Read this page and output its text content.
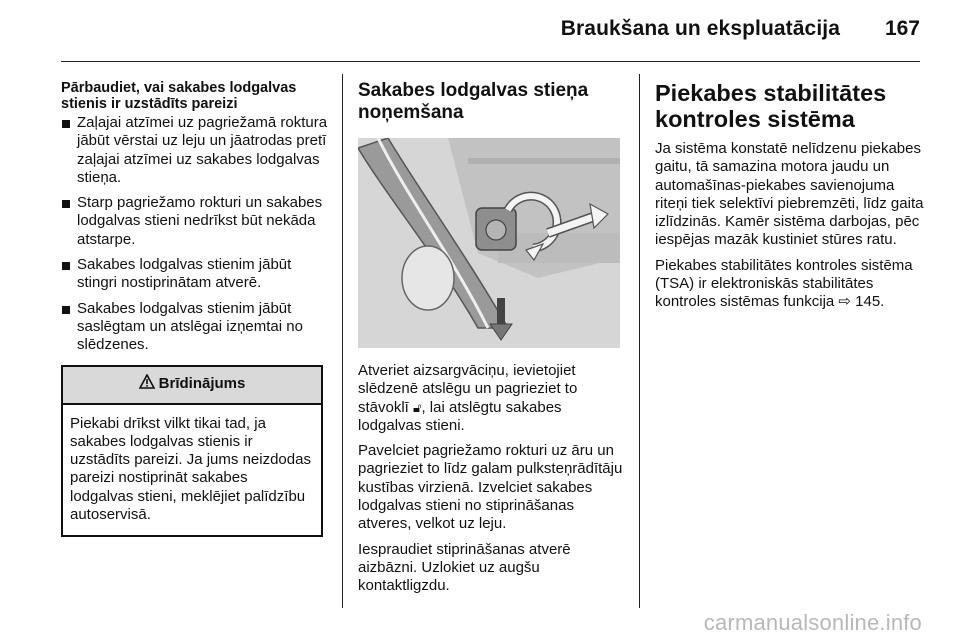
Braukšana un ekspluatācija 167
Pārbaudiet, vai sakabes lodgalvas stienis ir uzstādīts pareizi
Zaļajai atzīmei uz pagriežamā roktura jābūt vērstai uz leju un jāatrodas pretī zaļajai atzīmei uz sakabes lodgalvas stieņa.
Starp pagriežamo rokturi un sakabes lodgalvas stieni nedrīkst būt nekāda atstarpe.
Sakabes lodgalvas stienim jābūt stingri nostiprinātam atverē.
Sakabes lodgalvas stienim jābūt saslēgtam un atslēgai izņemtai no slēdzenes.
Brīdinājums
Piekabi drīkst vilkt tikai tad, ja sakabes lodgalvas stienis ir uzstādīts pareizi. Ja jums neizdodas pareizi nostiprināt sakabes lodgalvas stieni, meklējiet palīdzību autoservisā.
Sakabes lodgalvas stieņa noņemšana

Atveriet aizsargvāciņu, ievietojiet slēdzenē atslēgu un pagrieziet to stāvoklī 🔓︎, lai atslēgtu sakabes lodgalvas stieni.

Pavelciet pagriežamo rokturi uz āru un pagrieziet to līdz galam pulksteņrādītāju kustības virzienā. Izvelciet sakabes lodgalvas stieni no stiprināšanas atveres, velkot uz leju.

Iespraudiet stiprināšanas atverē aizbāzni. Uzlokiet uz augšu kontaktligzdu.

Piekabes stabilitātes kontroles sistēma

Ja sistēma konstatē nelīdzenu piekabes gaitu, tā samazina motora jaudu un automašīnas-piekabes savienojuma riteņi tiek selektīvi piebremzēti, līdz gaita izlīdzinās. Kamēr sistēma darbojas, pēc iespējas mazāk kustiniet stūres ratu.

Piekabes stabilitātes kontroles sistēma (TSA) ir elektroniskās stabilitātes kontroles sistēmas funkcija ⇨ 145.

carmanualsonline.info
